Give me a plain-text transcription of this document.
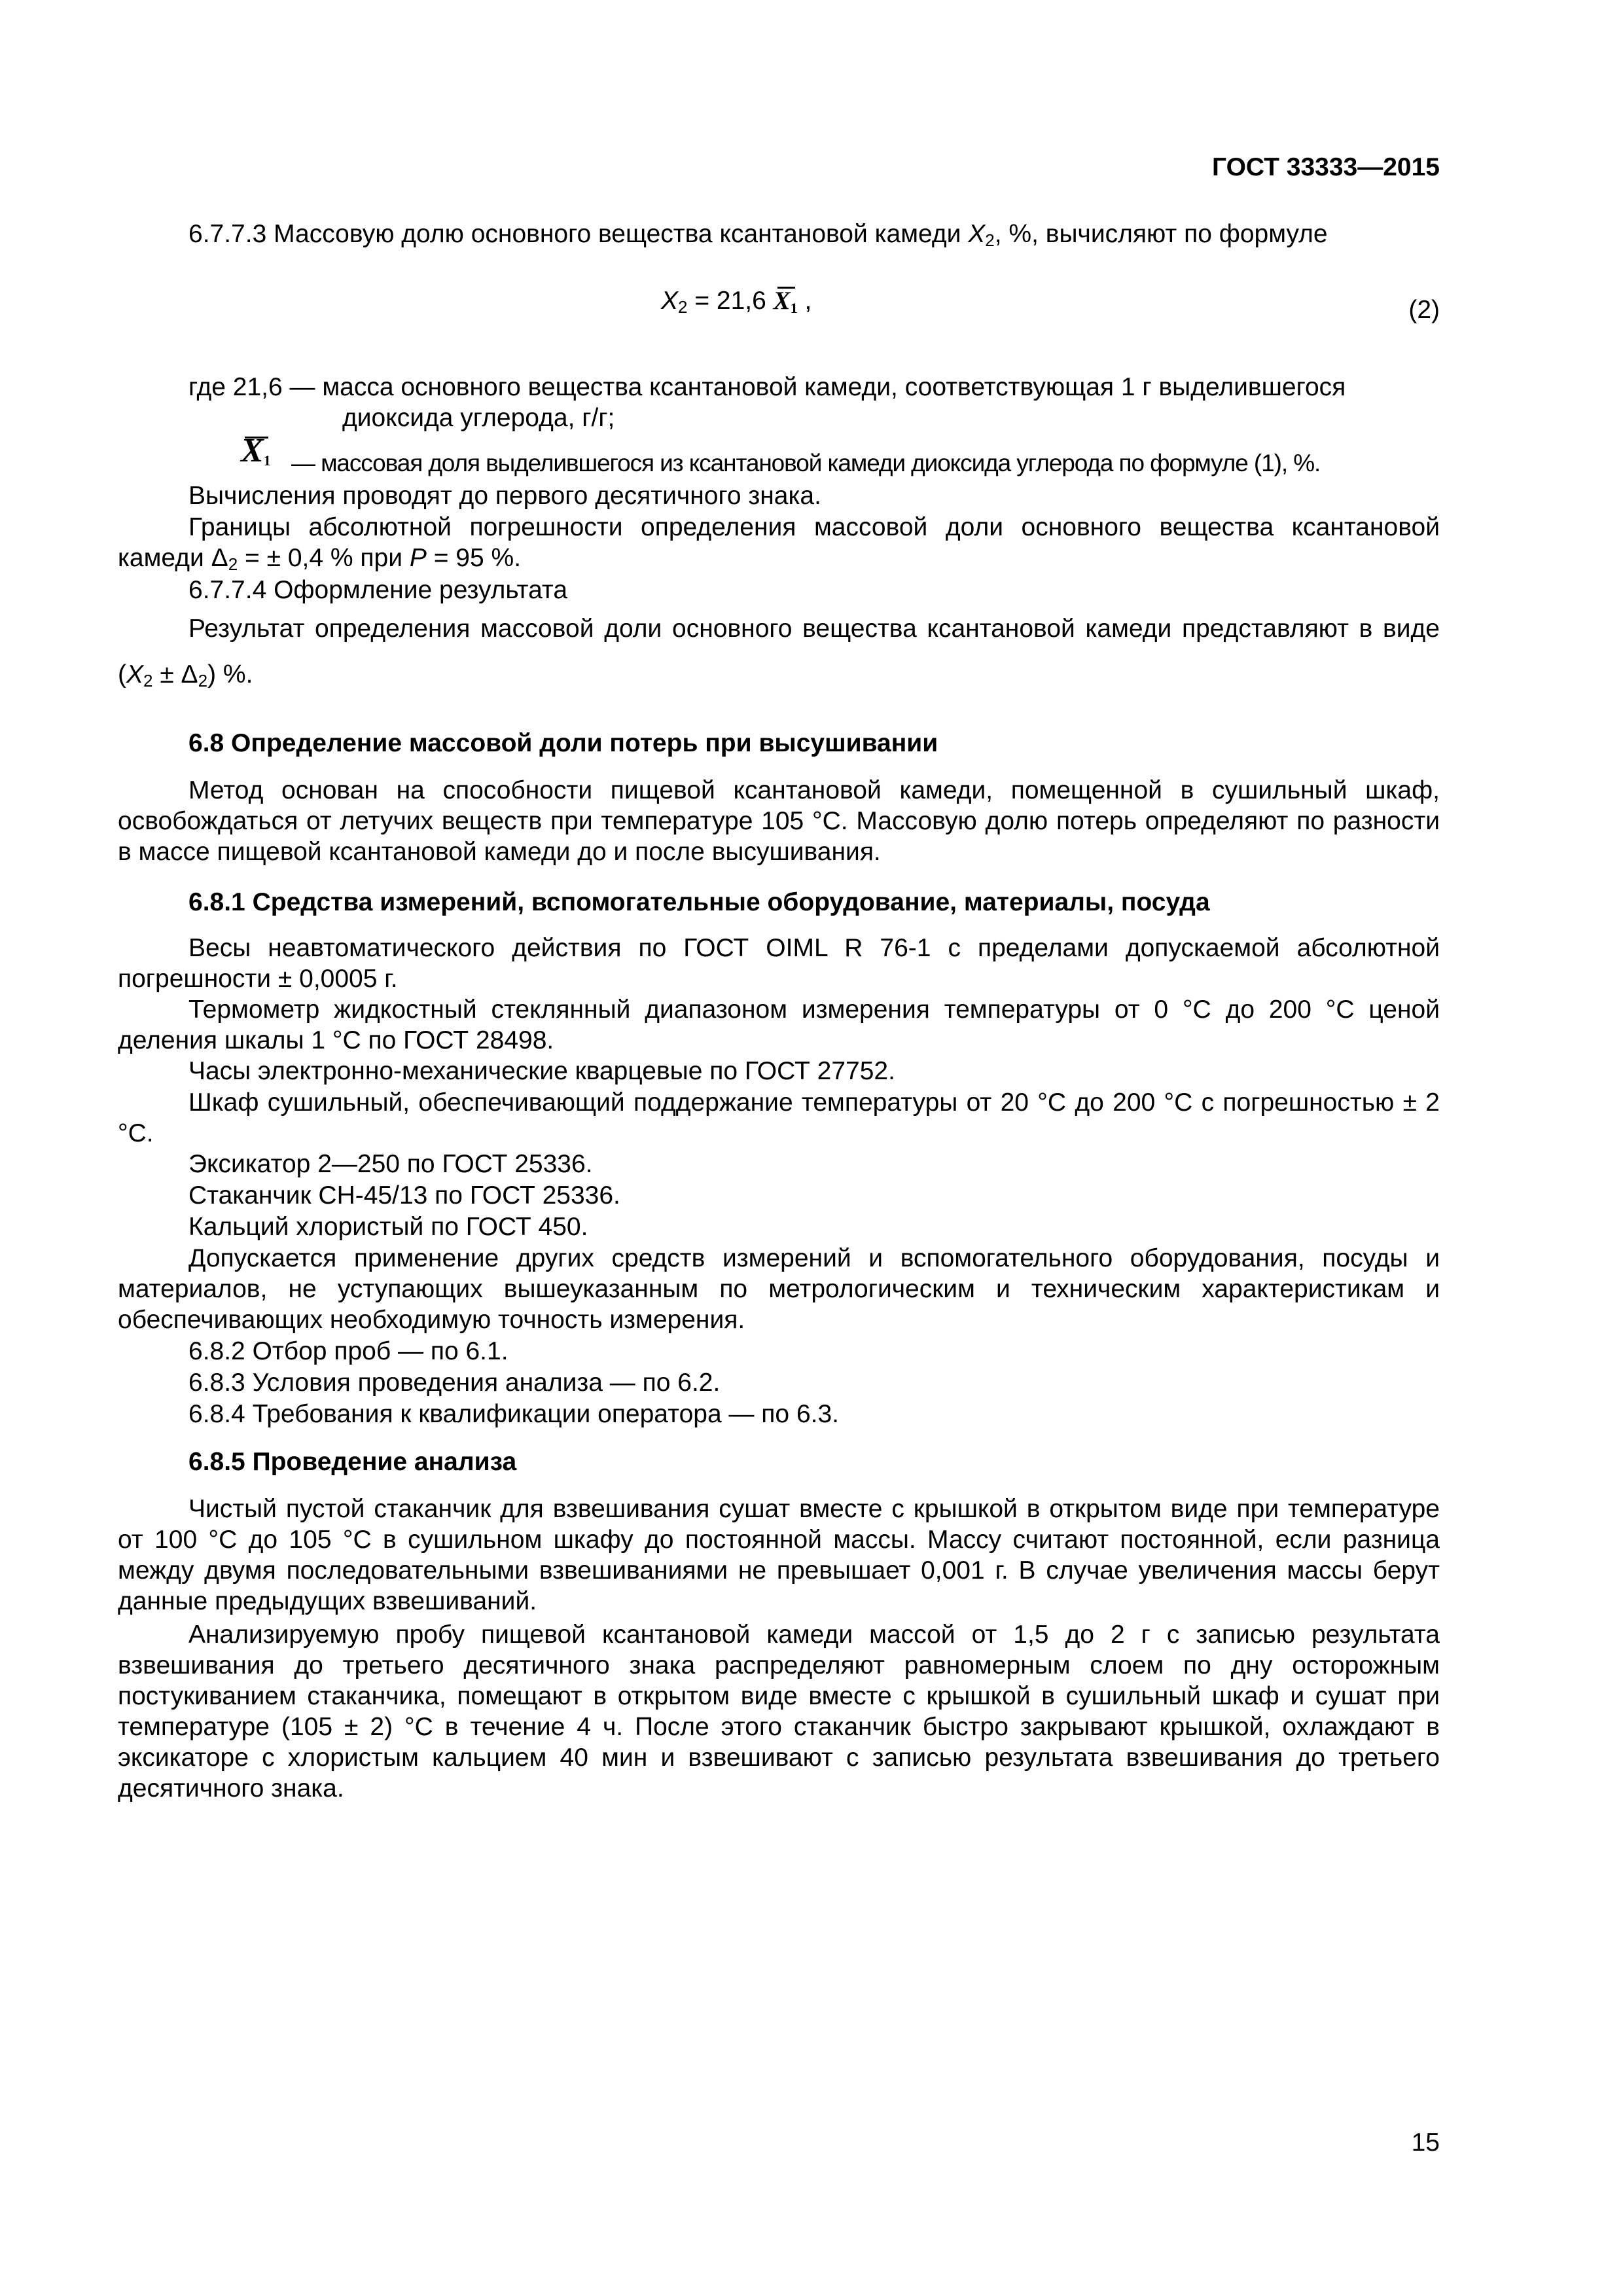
ГОСТ 33333—2015
6.7.7.3 Массовую долю основного вещества ксантановой камеди $X_2$, %, вычисляют по формуле
$X_2 = 21,6$
$X_1$ ,	(2)
где 21,6 — масса основного вещества ксантановой камеди, соответствующая 1 г выделившегося
диоксида углерода, г/г;
$X_1$ — массовая доля выделившегося из ксантановой камеди диоксида углерода по формуле (1), %.
Вычисления проводят до первого десятичного знака.
Границы абсолютной погрешности определения массовой доли основного вещества ксантановой камеди $\Delta_2$ = ± 0,4 % при P = 95 %.
6.7.7.4 Оформление результата
Результат определения массовой доли основного вещества ксантановой камеди представляют в виде $(X_2 \pm \Delta_2)$ %.
6.8 Определение массовой доли потерь при высушивании
Метод основан на способности пищевой ксантановой камеди, помещенной в сушильный шкаф, освобождаться от летучих веществ при температуре 105 °С. Массовую долю потерь определяют по разности в массе пищевой ксантановой камеди до и после высушивания.
6.8.1 Средства измерений, вспомогательные оборудование, материалы, посуда
Весы неавтоматического действия по ГОСТ OIML R 76-1 с пределами допускаемой абсолютной погрешности ± 0,0005 г.
Термометр жидкостный стеклянный диапазоном измерения температуры от 0 °С до 200 °С ценой деления шкалы 1 °С по ГОСТ 28498.
Часы электронно-механические кварцевые по ГОСТ 27752.
Шкаф сушильный, обеспечивающий поддержание температуры от 20 °С до 200 °С с погрешностью ± 2 °С.
Эксикатор 2—250 по ГОСТ 25336.
Стаканчик СН-45/13 по ГОСТ 25336.
Кальций хлористый по ГОСТ 450.
Допускается применение других средств измерений и вспомогательного оборудования, посуды и материалов, не уступающих вышеуказанным по метрологическим и техническим характеристикам и обеспечивающих необходимую точность измерения.
6.8.2 Отбор проб — по 6.1.
6.8.3 Условия проведения анализа — по 6.2.
6.8.4 Требования к квалификации оператора — по 6.3.
6.8.5 Проведение анализа
Чистый пустой стаканчик для взвешивания сушат вместе с крышкой в открытом виде при температуре от 100 °С до 105 °С в сушильном шкафу до постоянной массы. Массу считают постоянной, если разница между двумя последовательными взвешиваниями не превышает 0,001 г. В случае увеличения массы берут данные предыдущих взвешиваний.
Анализируемую пробу пищевой ксантановой камеди массой от 1,5 до 2 г с записью результата взвешивания до третьего десятичного знака распределяют равномерным слоем по дну осторожным постукиванием стаканчика, помещают в открытом виде вместе с крышкой в сушильный шкаф и сушат при температуре (105 ± 2) °С в течение 4 ч. После этого стаканчик быстро закрывают крышкой, охлаждают в эксикаторе с хлористым кальцием 40 мин и взвешивают с записью результата взвешивания до третьего десятичного знака.
15
